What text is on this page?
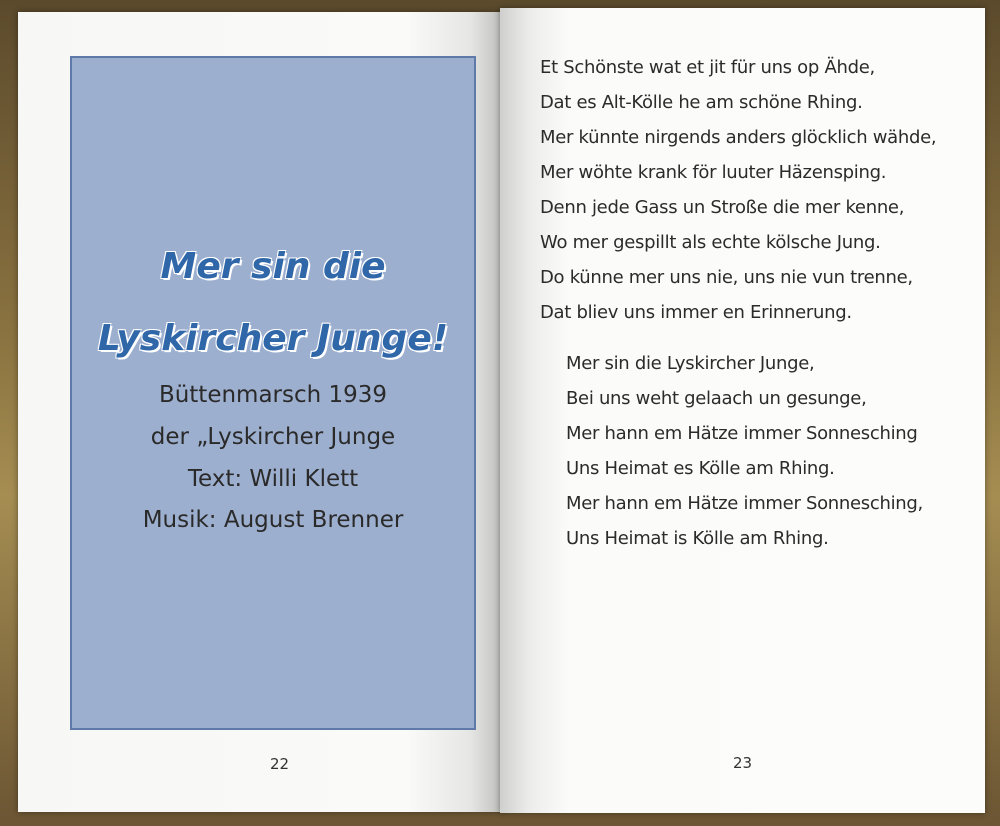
Mer sin die
Lyskircher Junge!
Büttenmarsch 1939
der „Lyskircher Junge
Text: Willi Klett
Musik: August Brenner
22
Et Schönste wat et jit für uns op Ähde,
Dat es Alt-Kölle he am schöne Rhing.
Mer künnte nirgends anders glöcklich wähde,
Mer wöhte krank för luuter Häzensping.
Denn jede Gass un Stroße die mer kenne,
Wo mer gespillt als echte kölsche Jung.
Do künne mer uns nie, uns nie vun trenne,
Dat bliev uns immer en Erinnerung.
Mer sin die Lyskircher Junge,
Bei uns weht gelaach un gesunge,
Mer hann em Hätze immer Sonnesching
Uns Heimat es Kölle am Rhing.
Mer hann em Hätze immer Sonnesching,
Uns Heimat is Kölle am Rhing.
23
